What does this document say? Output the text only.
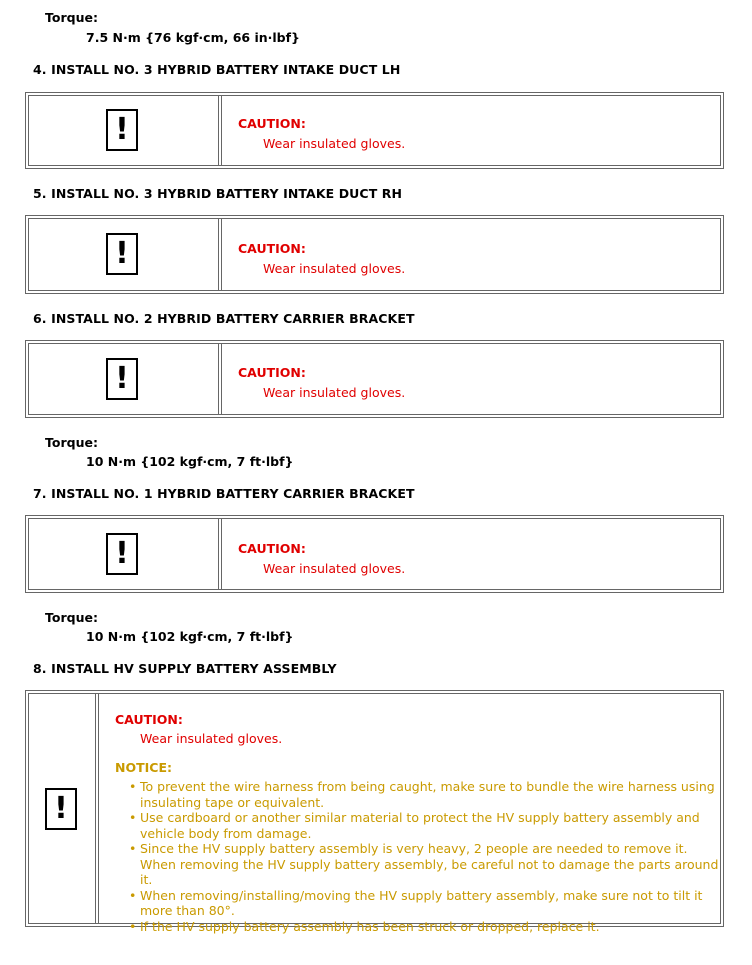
Torque:
7.5 N·m {76 kgf·cm, 66 in·lbf}
4. INSTALL NO. 3 HYBRID BATTERY INTAKE DUCT LH
!	CAUTION:
Wear insulated gloves.
5. INSTALL NO. 3 HYBRID BATTERY INTAKE DUCT RH
!	CAUTION:
Wear insulated gloves.
6. INSTALL NO. 2 HYBRID BATTERY CARRIER BRACKET
!	CAUTION:
Wear insulated gloves.
Torque:
10 N·m {102 kgf·cm, 7 ft·lbf}
7. INSTALL NO. 1 HYBRID BATTERY CARRIER BRACKET
!	CAUTION:
Wear insulated gloves.
Torque:
10 N·m {102 kgf·cm, 7 ft·lbf}
8. INSTALL HV SUPPLY BATTERY ASSEMBLY
!
CAUTION:
Wear insulated gloves.
NOTICE:
• To prevent the wire harness from being caught, make sure to bundle the wire harness using insulating tape or equivalent.
• Use cardboard or another similar material to protect the HV supply battery assembly and vehicle body from damage.
• Since the HV supply battery assembly is very heavy, 2 people are needed to remove it. When removing the HV supply battery assembly, be careful not to damage the parts around it.
• When removing/installing/moving the HV supply battery assembly, make sure not to tilt it more than 80°.
• If the HV supply battery assembly has been struck or dropped, replace it.
